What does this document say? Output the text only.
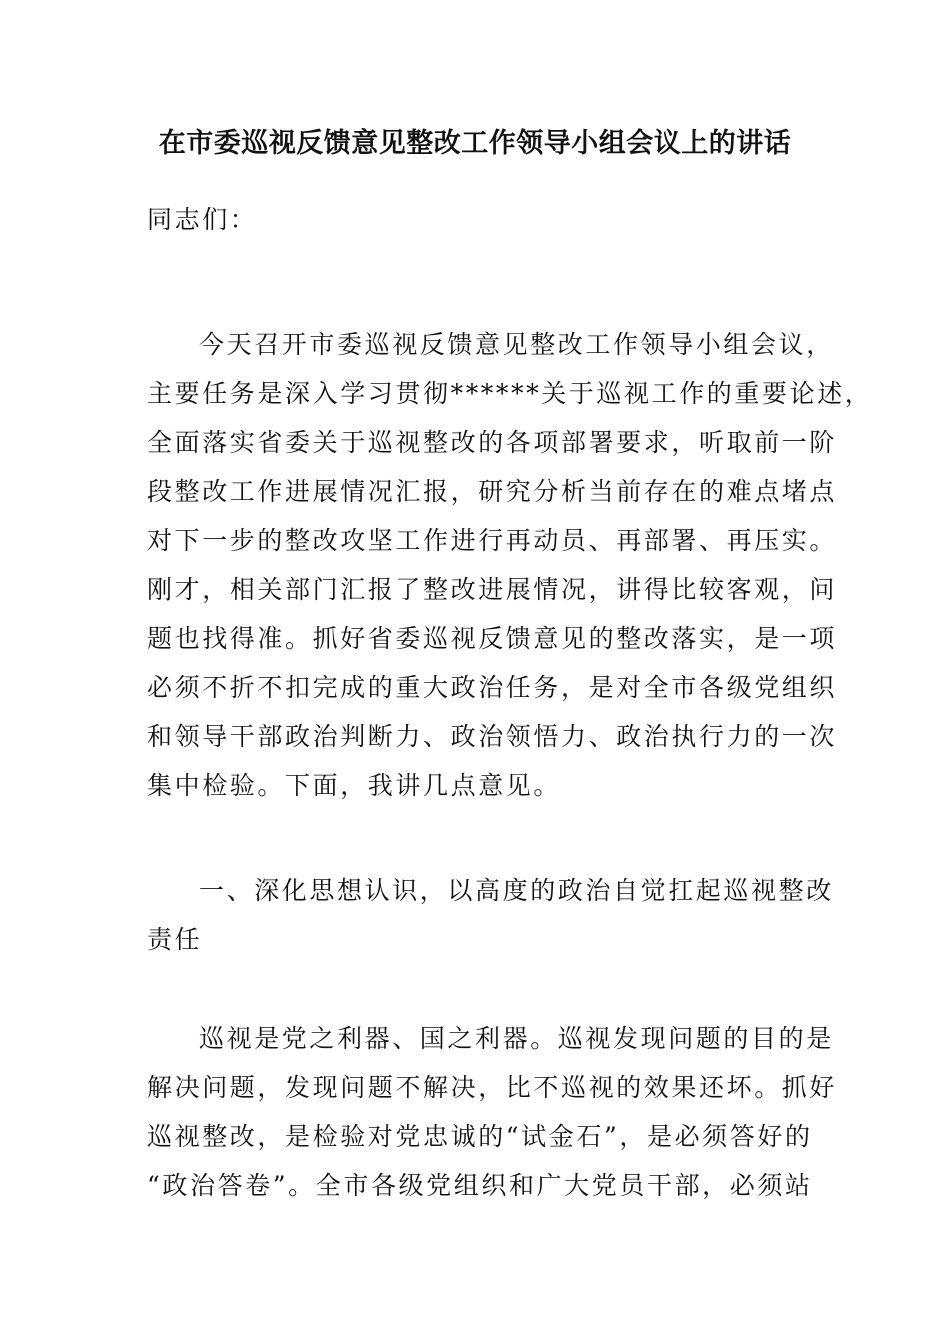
在市委巡视反馈意见整改工作领导小组会议上的讲话
同志们：
今天召开市委巡视反馈意见整改工作领导小组会议，
主要任务是深入学习贯彻******关于巡视工作的重要论述，
全面落实省委关于巡视整改的各项部署要求，听取前一阶
段整改工作进展情况汇报，研究分析当前存在的难点堵点
对下一步的整改攻坚工作进行再动员、再部署、再压实。
刚才，相关部门汇报了整改进展情况，讲得比较客观，问
题也找得准。抓好省委巡视反馈意见的整改落实，是一项
必须不折不扣完成的重大政治任务，是对全市各级党组织
和领导干部政治判断力、政治领悟力、政治执行力的一次
集中检验。下面，我讲几点意见。
一、深化思想认识，以高度的政治自觉扛起巡视整改
责任
巡视是党之利器、国之利器。巡视发现问题的目的是
解决问题，发现问题不解决，比不巡视的效果还坏。抓好
巡视整改，是检验对党忠诚的“试金石”，是必须答好的
“政治答卷”。全市各级党组织和广大党员干部，必须站
